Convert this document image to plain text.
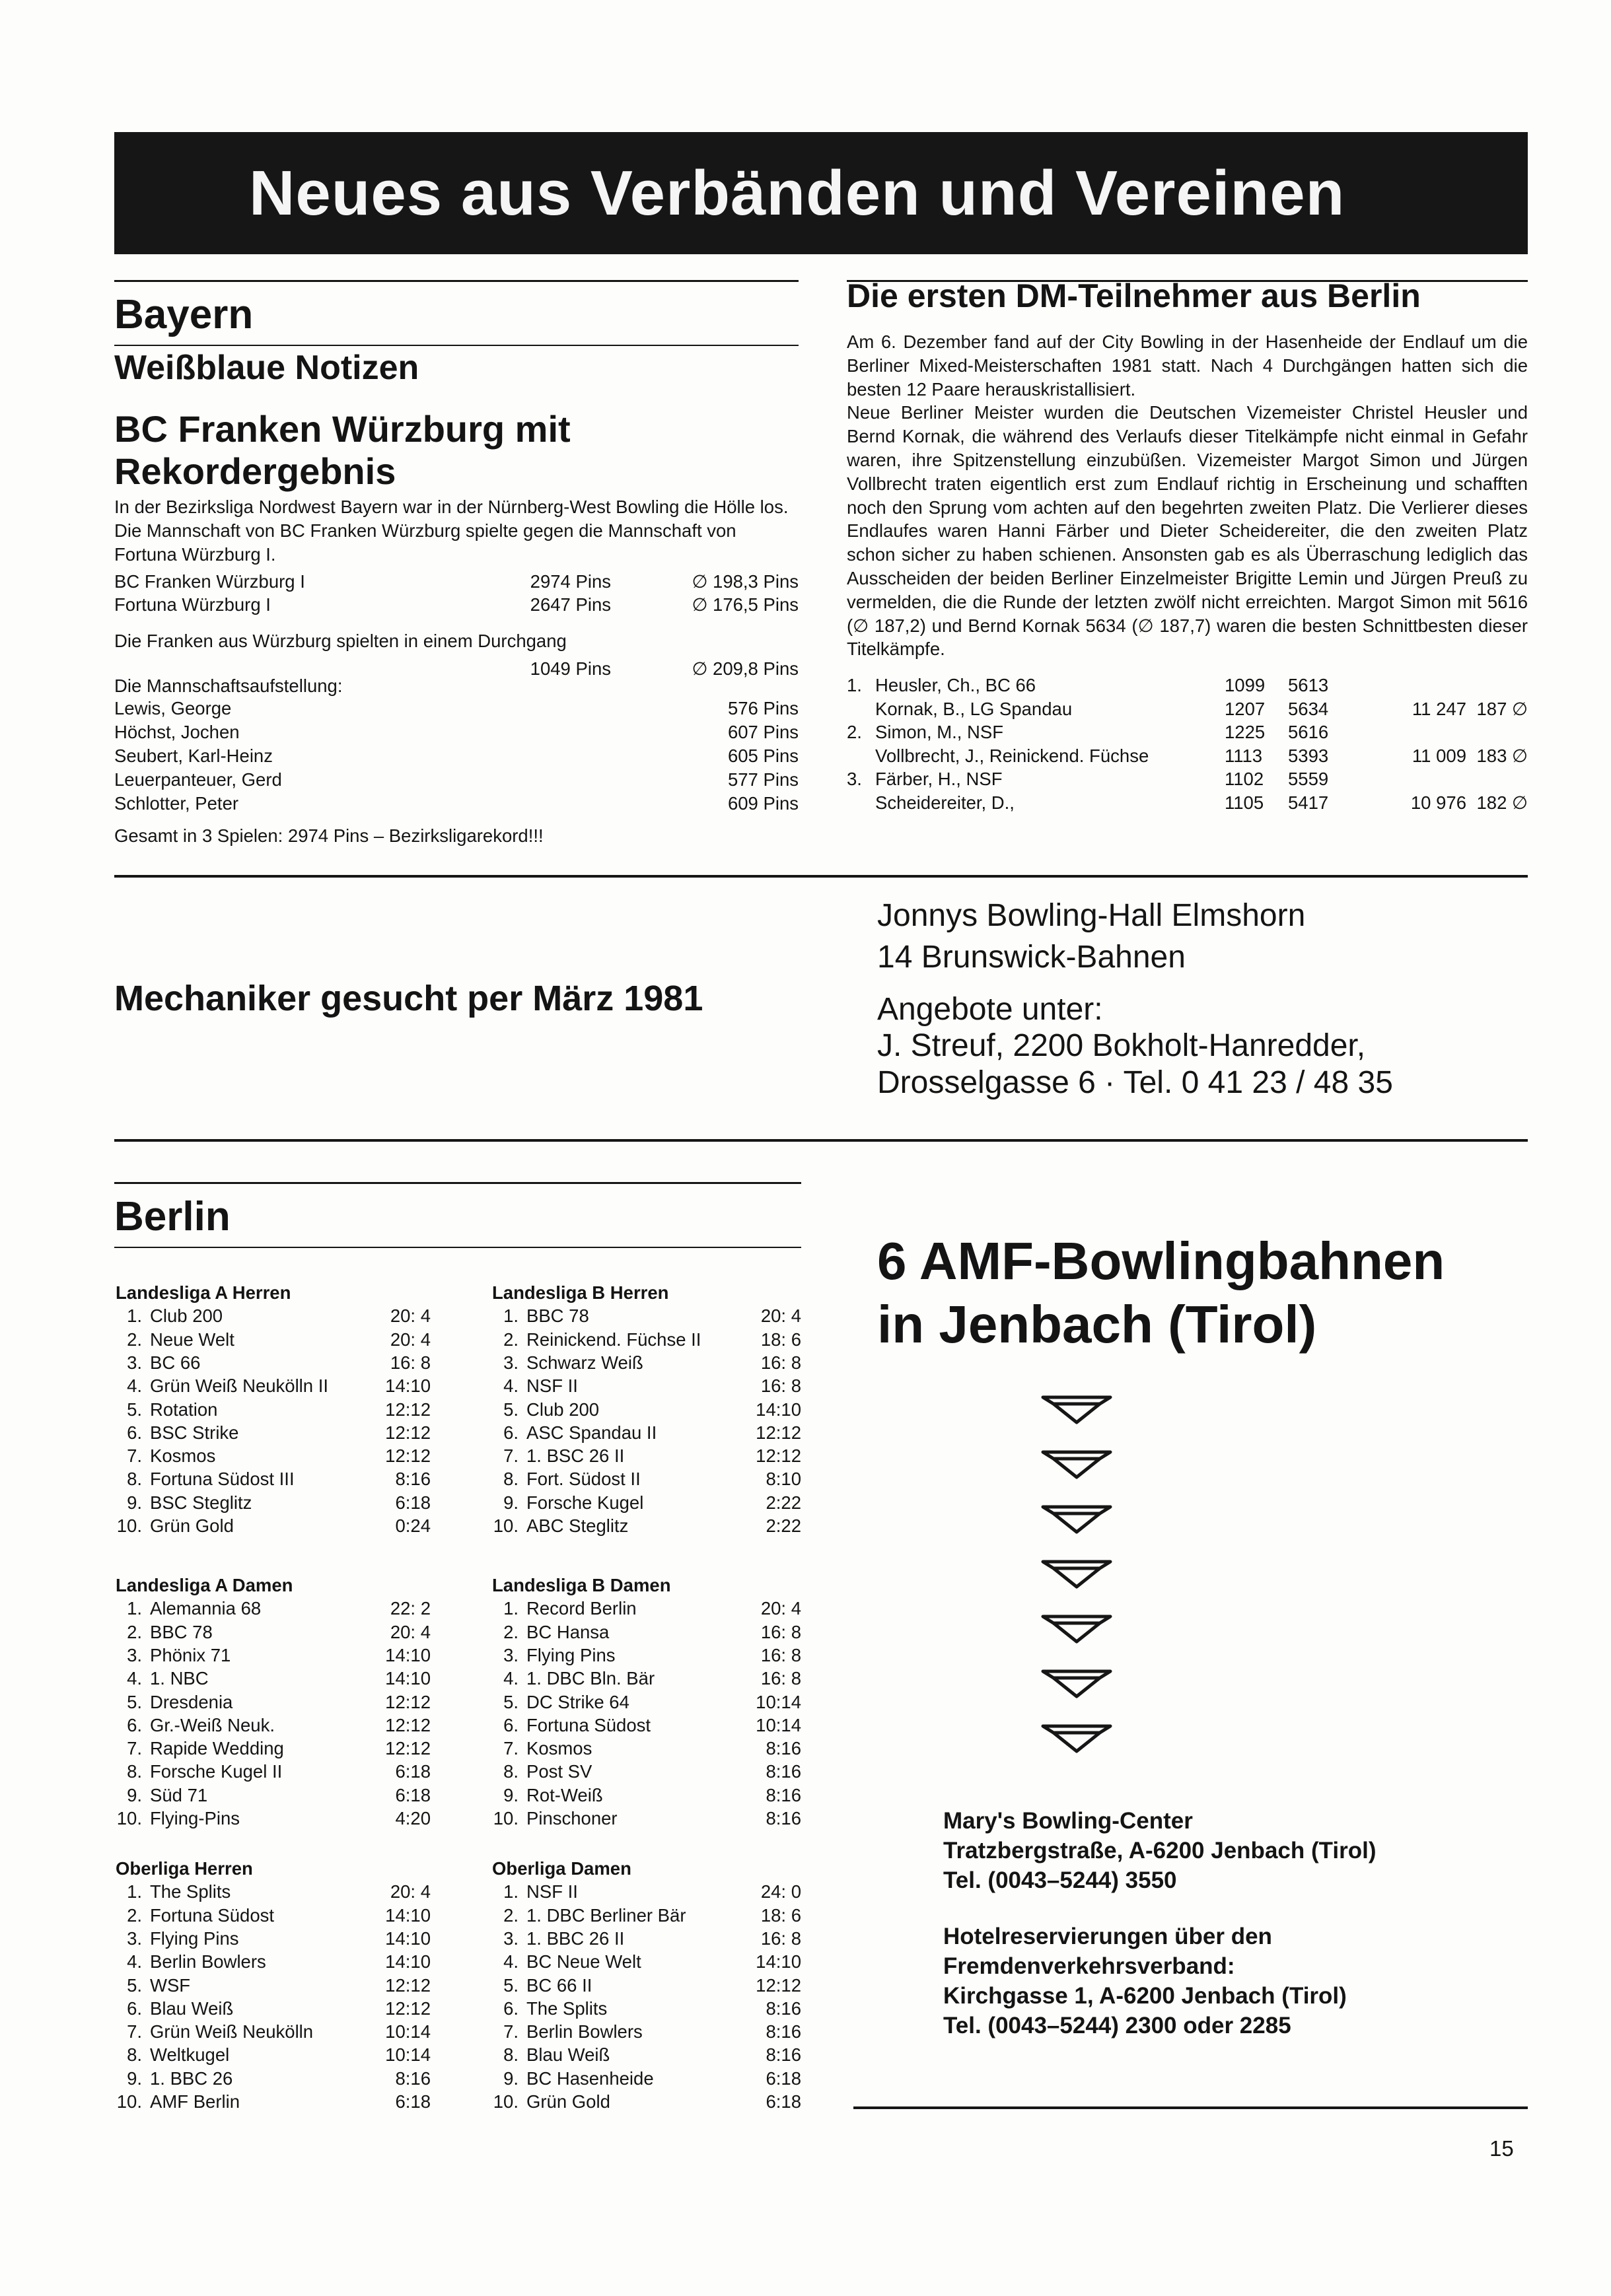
Neues aus Verbänden und Vereinen
Bayern
Weißblaue Notizen
BC Franken Würzburg mit Rekordergebnis
In der Bezirksliga Nordwest Bayern war in der Nürnberg-West Bowling die Hölle los. Die Mannschaft von BC Franken Würzburg spielte gegen die Mannschaft von Fortuna Würzburg I.
BC Franken Würzburg I	2974 Pins	∅ 198,3 Pins
Fortuna Würzburg I	2647 Pins	∅ 176,5 Pins
Die Franken aus Würzburg spielten in einem Durchgang
1049 Pins	∅ 209,8 Pins
Die Mannschaftsaufstellung:
Lewis, George	576 Pins
Höchst, Jochen	607 Pins
Seubert, Karl-Heinz	605 Pins
Leuerpanteuer, Gerd	577 Pins
Schlotter, Peter	609 Pins
Gesamt in 3 Spielen: 2974 Pins – Bezirksligarekord!!!
Die ersten DM-Teilnehmer aus Berlin

Am 6. Dezember fand auf der City Bowling in der Hasenheide der Endlauf um die Berliner Mixed-Meisterschaften 1981 statt. Nach 4 Durchgängen hatten sich die besten 12 Paare herauskristallisiert.

Neue Berliner Meister wurden die Deutschen Vizemeister Christel Heusler und Bernd Kornak, die während des Verlaufs dieser Titelkämpfe nicht einmal in Gefahr waren, ihre Spitzenstellung einzubüßen. Vizemeister Margot Simon und Jürgen Vollbrecht traten eigentlich erst zum Endlauf richtig in Erscheinung und schafften noch den Sprung vom achten auf den begehrten zweiten Platz. Die Verlierer dieses Endlaufes waren Hanni Färber und Dieter Scheidereiter, die den zweiten Platz schon sicher zu haben schienen. Ansonsten gab es als Überraschung lediglich das Ausscheiden der beiden Berliner Einzelmeister Brigitte Lemin und Jürgen Preuß zu vermelden, die die Runde der letzten zwölf nicht erreichten. Margot Simon mit 5616 (∅ 187,2) und Bernd Kornak 5634 (∅ 187,7) waren die besten Schnittbesten dieser Titelkämpfe.

1. Heusler, Ch., BC 66	1099 5613
Kornak, B., LG Spandau	1207 5634	11 247 187 ∅
2. Simon, M., NSF	1225 5616
Vollbrecht, J., Reinickend. Füchse	1113 5393	11 009 183 ∅
3. Färber, H., NSF	1102 5559
Scheidereiter, D.,	1105 5417	10 976 182 ∅
Mechaniker gesucht per März 1981
Jonnys Bowling-Hall Elmshorn
14 Brunswick-Bahnen
Angebote unter:
J. Streuf, 2200 Bokholt-Hanredder,
Drosselgasse 6 · Tel. 0 41 23 / 48 35
Berlin
Landesliga A Herren
1. Club 200	20: 4
2. Neue Welt	20: 4
3. BC 66	16: 8
4. Grün Weiß Neukölln II	14:10
5. Rotation	12:12
6. BSC Strike	12:12
7. Kosmos	12:12
8. Fortuna Südost III	8:16
9. BSC Steglitz	6:18
10. Grün Gold	0:24
Landesliga B Herren
1. BBC 78	20: 4
2. Reinickend. Füchse II	18: 6
3. Schwarz Weiß	16: 8
4. NSF II	16: 8
5. Club 200	14:10
6. ASC Spandau II	12:12
7. 1. BSC 26 II	12:12
8. Fort. Südost II	8:10
9. Forsche Kugel	2:22
10. ABC Steglitz	2:22
Landesliga A Damen
1. Alemannia 68	22: 2
2. BBC 78	20: 4
3. Phönix 71	14:10
4. 1. NBC	14:10
5. Dresdenia	12:12
6. Gr.-Weiß Neuk.	12:12
7. Rapide Wedding	12:12
8. Forsche Kugel II	6:18
9. Süd 71	6:18
10. Flying-Pins	4:20
Landesliga B Damen
1. Record Berlin	20: 4
2. BC Hansa	16: 8
3. Flying Pins	16: 8
4. 1. DBC Bln. Bär	16: 8
5. DC Strike 64	10:14
6. Fortuna Südost	10:14
7. Kosmos	8:16
8. Post SV	8:16
9. Rot-Weiß	8:16
10. Pinschoner	8:16
Oberliga Herren
1. The Splits	20: 4
2. Fortuna Südost	14:10
3. Flying Pins	14:10
4. Berlin Bowlers	14:10
5. WSF	12:12
6. Blau Weiß	12:12
7. Grün Weiß Neukölln	10:14
8. Weltkugel	10:14
9. 1. BBC 26	8:16
10. AMF Berlin	6:18
Oberliga Damen
1. NSF II	24: 0
2. 1. DBC Berliner Bär	18: 6
3. 1. BBC 26 II	16: 8
4. BC Neue Welt	14:10
5. BC 66 II	12:12
6. The Splits	8:16
7. Berlin Bowlers	8:16
8. Blau Weiß	8:16
9. BC Hasenheide	6:18
10. Grün Gold	6:18
6 AMF-Bowlingbahnen
in Jenbach (Tirol)
Mary's Bowling-Center
Tratzbergstraße, A-6200 Jenbach (Tirol)
Tel. (0043–5244) 3550
Hotelreservierungen über den
Fremdenverkehrsverband:
Kirchgasse 1, A-6200 Jenbach (Tirol)
Tel. (0043–5244) 2300 oder 2285
15
